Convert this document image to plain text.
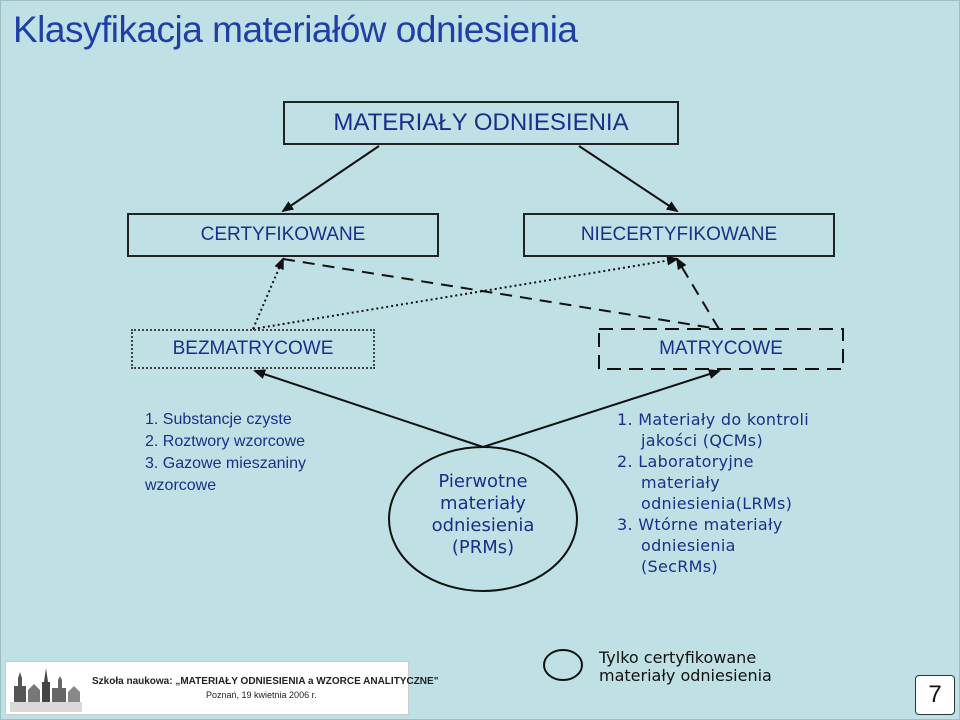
Klasyfikacja materiałów odniesienia
MATERIAŁY ODNIESIENIA
CERTYFIKOWANE	NIECERTYFIKOWANE
BEZMATRYCOWE	MATRYCOWE
1. Substancje czyste
2. Roztwory wzorcowe
3. Gazowe mieszaniny
wzorcowe	Pierwotne
materiały
odniesienia
(PRMs)
1. Materiały do kontroli
jakości (QCMs)
2. Laboratoryjne
materiały
odniesienia(LRMs)
3. Wtórne materiały
odniesienia
(SecRMs)
Tylko certyfikowane
materiały odniesienia
Szkoła naukowa: „MATERIAŁY ODNIESIENIA a WZORCE ANALITYCZNE"
Poznań, 19 kwietnia 2006 r.	7
